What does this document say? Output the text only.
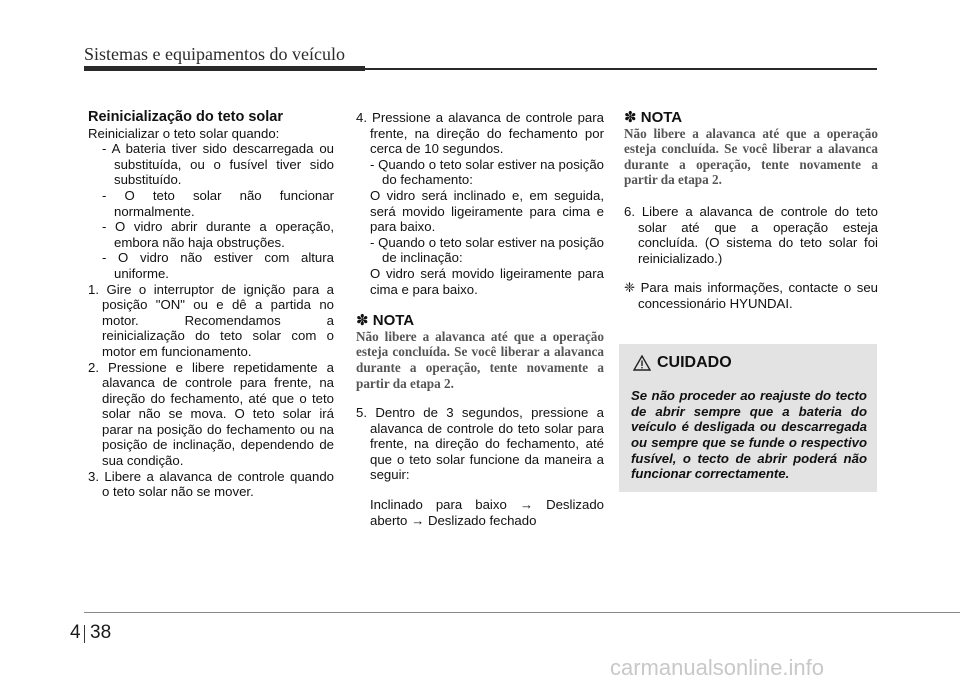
Sistemas e equipamentos do veículo

Reinicialização do teto solar

Reinicializar o teto solar quando:

- A bateria tiver sido descarregada ou substituída, ou o fusível tiver sido substituído.

- O teto solar não funcionar normalmente.

- O vidro abrir durante a operação, embora não haja obstruções.

- O vidro não estiver com altura uniforme.

1. Gire o interruptor de ignição para a posição "ON" ou e dê a partida no motor. Recomendamos a reinicialização do teto solar com o motor em funcionamento.

2. Pressione e libere repetidamente a alavanca de controle para frente, na direção do fechamento, até que o teto solar não se mova. O teto solar irá parar na posição do fechamento ou na posição de inclinação, dependendo de sua condição.

3. Libere a alavanca de controle quando o teto solar não se mover.

4. Pressione a alavanca de controle para frente, na direção do fechamento por cerca de 10 segundos.

- Quando o teto solar estiver na posição do fechamento:

O vidro será inclinado e, em seguida, será movido ligeiramente para cima e para baixo.

- Quando o teto solar estiver na posição de inclinação:

O vidro será movido ligeiramente para cima e para baixo.

✽ NOTA

Não libere a alavanca até que a operação esteja concluída. Se você liberar a alavanca durante a operação, tente novamente a partir da etapa 2.

5. Dentro de 3 segundos, pressione a alavanca de controle do teto solar para frente, na direção do fechamento, até que o teto solar funcione da maneira a seguir:

Inclinado para baixo → Deslizado aberto → Deslizado fechado

✽ NOTA

Não libere a alavanca até que a operação esteja concluída. Se você liberar a alavanca durante a operação, tente novamente a partir da etapa 2.

6. Libere a alavanca de controle do teto solar até que a operação esteja concluída. (O sistema do teto solar foi reinicializado.)

❈ Para mais informações, contacte o seu concessionário HYUNDAI.

CUIDADO

Se não proceder ao reajuste do tecto de abrir sempre que a bateria do veículo é desligada ou descarregada ou sempre que se funde o respectivo fusível, o tecto de abrir poderá não funcionar correctamente.

4 38
carmanualsonline.info
